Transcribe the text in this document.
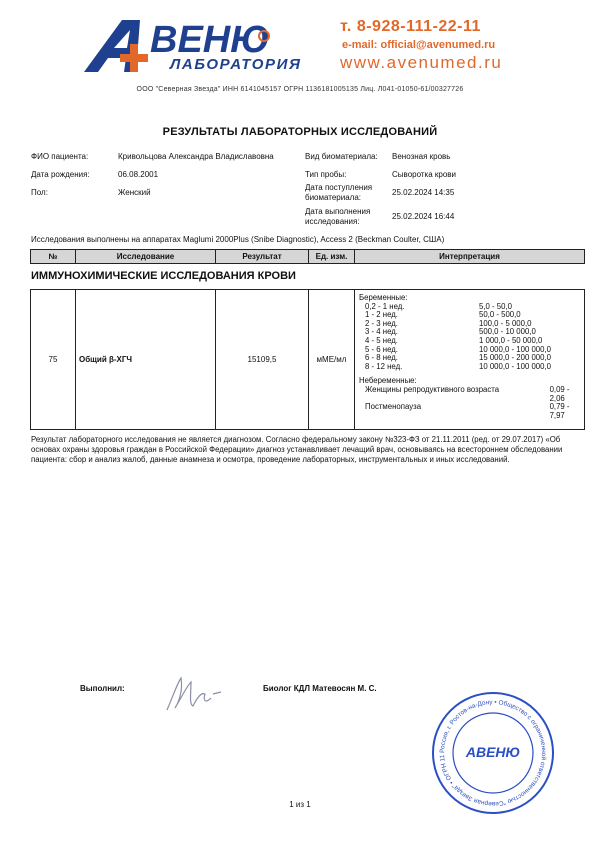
ВЕНЮ
ЛАБОРАТОРИЯ
т. 8-928-111-22-11
e-mail: official@avenumed.ru
www.avenumed.ru
ООО "Северная Звезда" ИНН 6141045157 ОГРН 1136181005135 Лиц. Л041-01050-61/00327726
РЕЗУЛЬТАТЫ ЛАБОРАТОРНЫХ ИССЛЕДОВАНИЙ
ФИО пациента:	Кривольцова Александра Владиславовна
Дата рождения:	06.08.2001
Пол:	Женский
Вид биоматериала: Венозная кровь
Тип пробы:	Сыворотка крови
Дата поступления
биоматериала:
25.02.2024 14:35
Дата выполнения
исследования:
25.02.2024 16:44
Исследования выполнены на аппаратах Maglumi 2000Plus (Snibe Diagnostic), Access 2 (Beckman Coulter, США)
№	Исследование	Результат	Ед. изм.	Интерпретация
ИММУНОХИМИЧЕСКИЕ ИССЛЕДОВАНИЯ КРОВИ
75	Общий β-ХГЧ	15109,5	мМЕ/мл	
Беременные:
0,2 - 1 нед.	5,0 - 50,0
1 - 2 нед.	50,0 - 500,0
2 - 3 нед.	100,0 - 5 000,0
3 - 4 нед.	500,0 - 10 000,0
4 - 5 нед.	1 000,0 - 50 000,0
5 - 6 нед.	10 000,0 - 100 000,0
6 - 8 нед.	15 000,0 - 200 000,0
8 - 12 нед.	10 000,0 - 100 000,0
Небеременные:
Женщины репродуктивного возраста	0,09 - 2,06
Постменопауза	0,79 - 7,97
Результат лабораторного исследования не является диагнозом. Согласно федеральному закону №323-ФЗ от 21.11.2011 (ред. от 29.07.2017) «Об основах охраны здоровья граждан в Российской Федерации» диагноз устанавливает лечащий врач, основываясь на всестороннем обследовании пациента: сбор и анализ жалоб, данные анамнеза и осмотра, проведение лабораторных, инструментальных и иных исследований.
Выполнил:	Биолог КДЛ Матевосян М. С.
Россия, г. Ростов-на-Дону • Общество с ограниченной ответственностью "Северная Звезда" • ОГРН 11	АВЕНЮ
1 из 1
